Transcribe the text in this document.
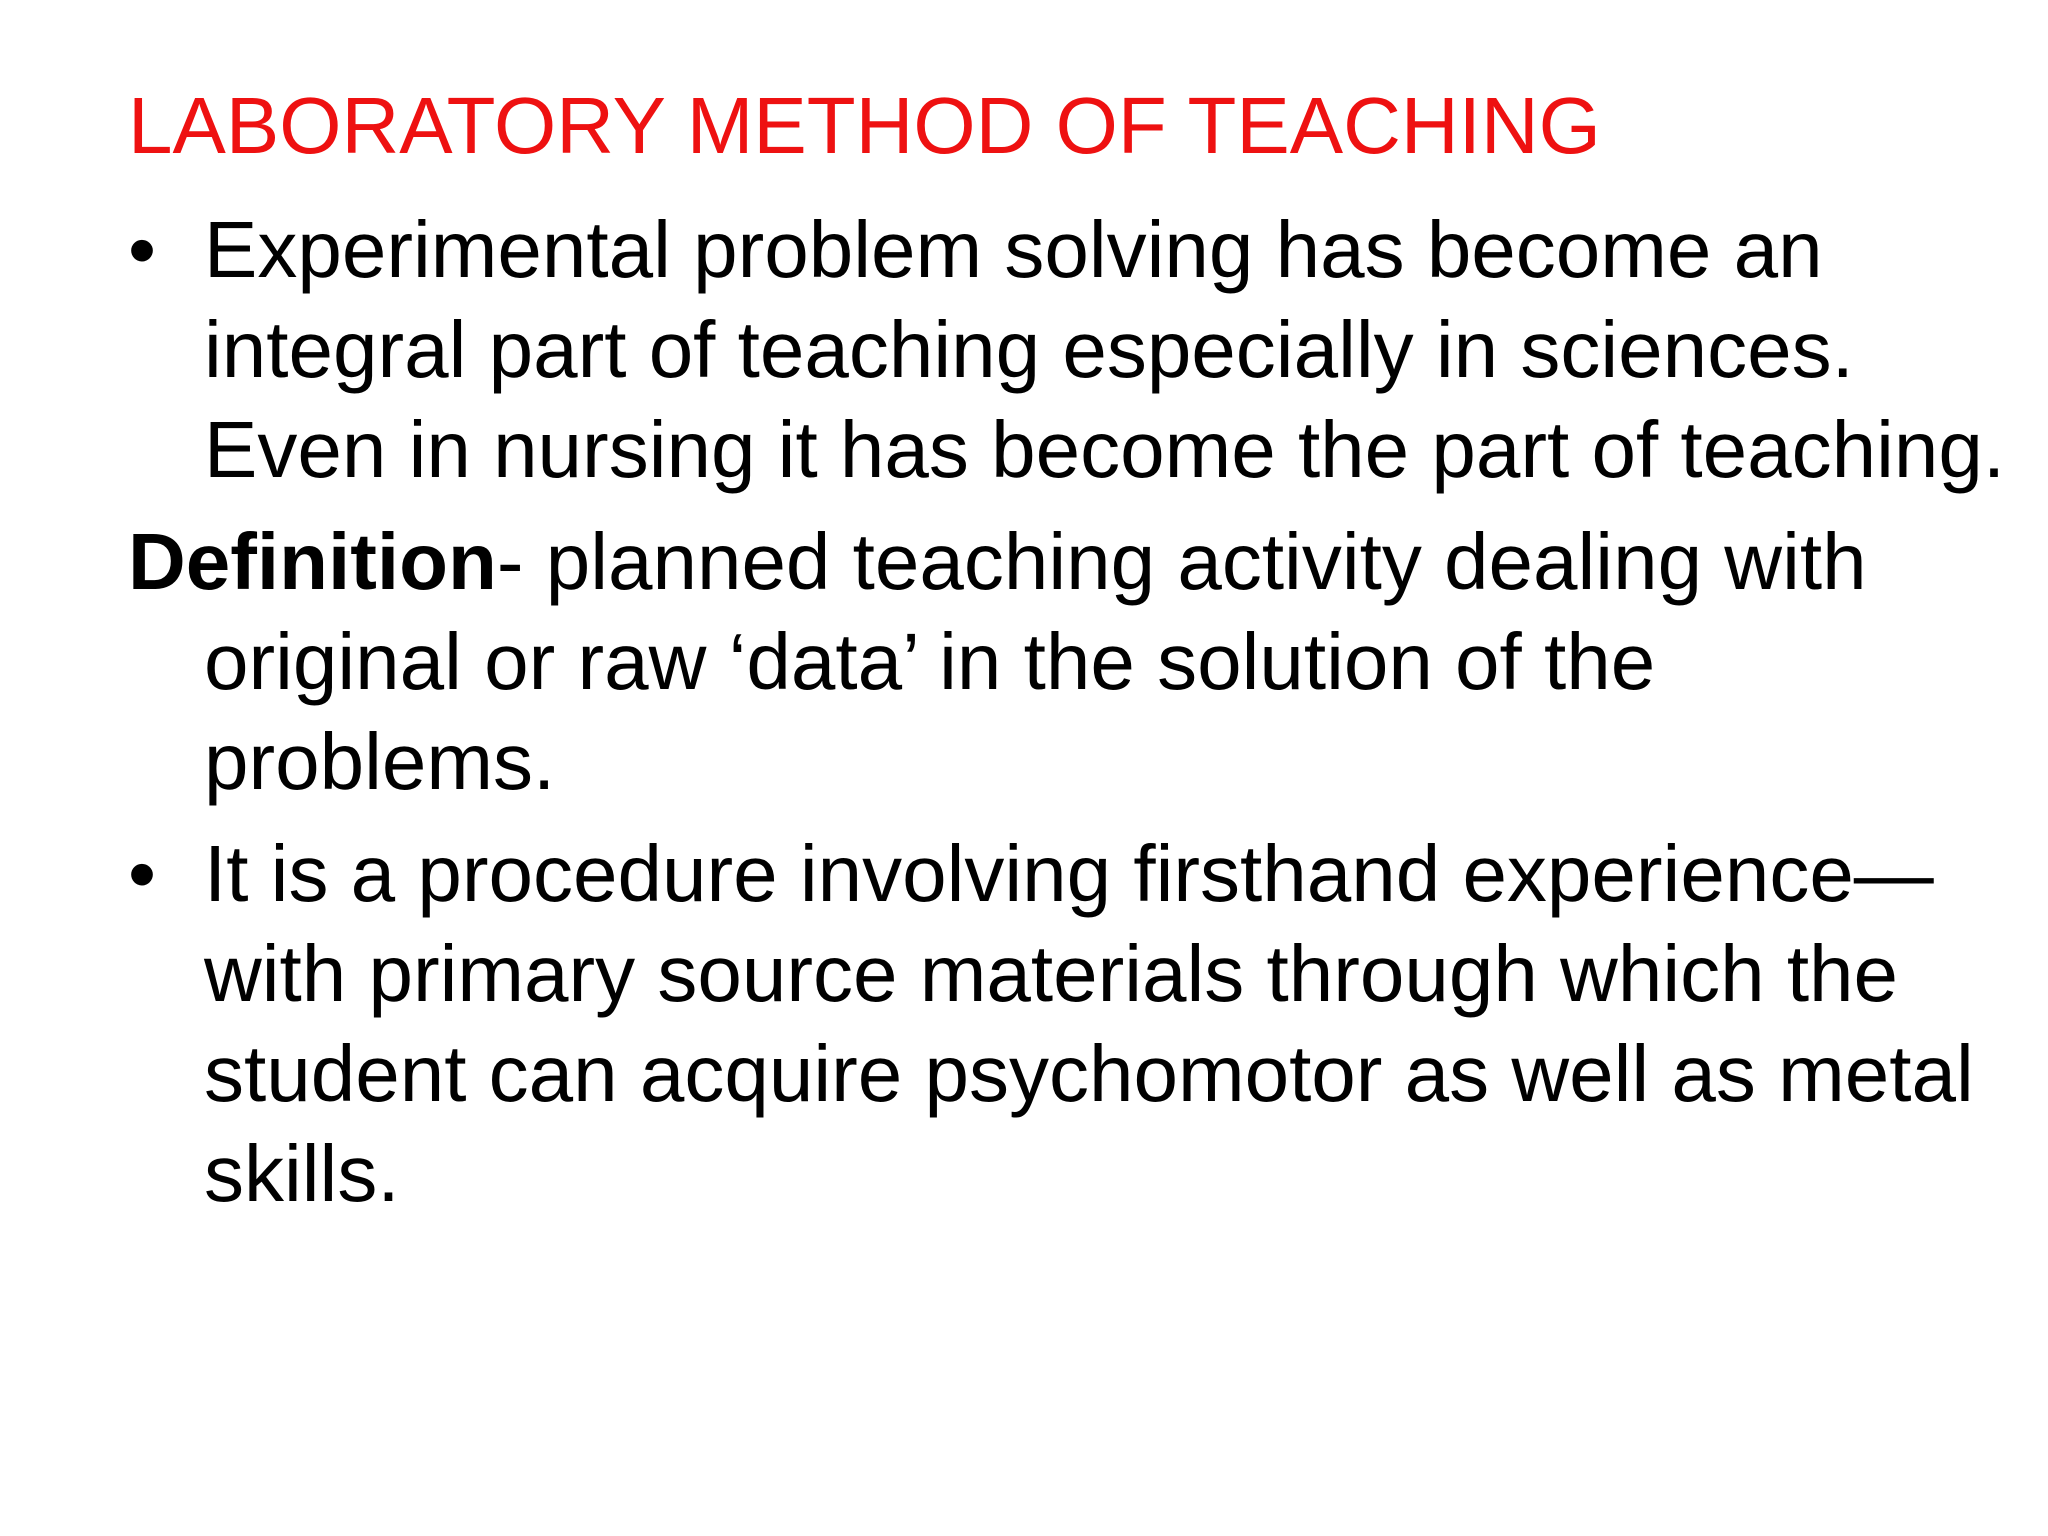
LABORATORY METHOD OF TEACHING

• Experimental problem solving has become an integral part of teaching especially in sciences. Even in nursing it has become the part of teaching.

Definition- planned teaching activity dealing with original or raw ‘data’ in the solution of the problems.

• It is a procedure involving firsthand experience—with primary source materials through which the student can acquire psychomotor as well as metal skills.
